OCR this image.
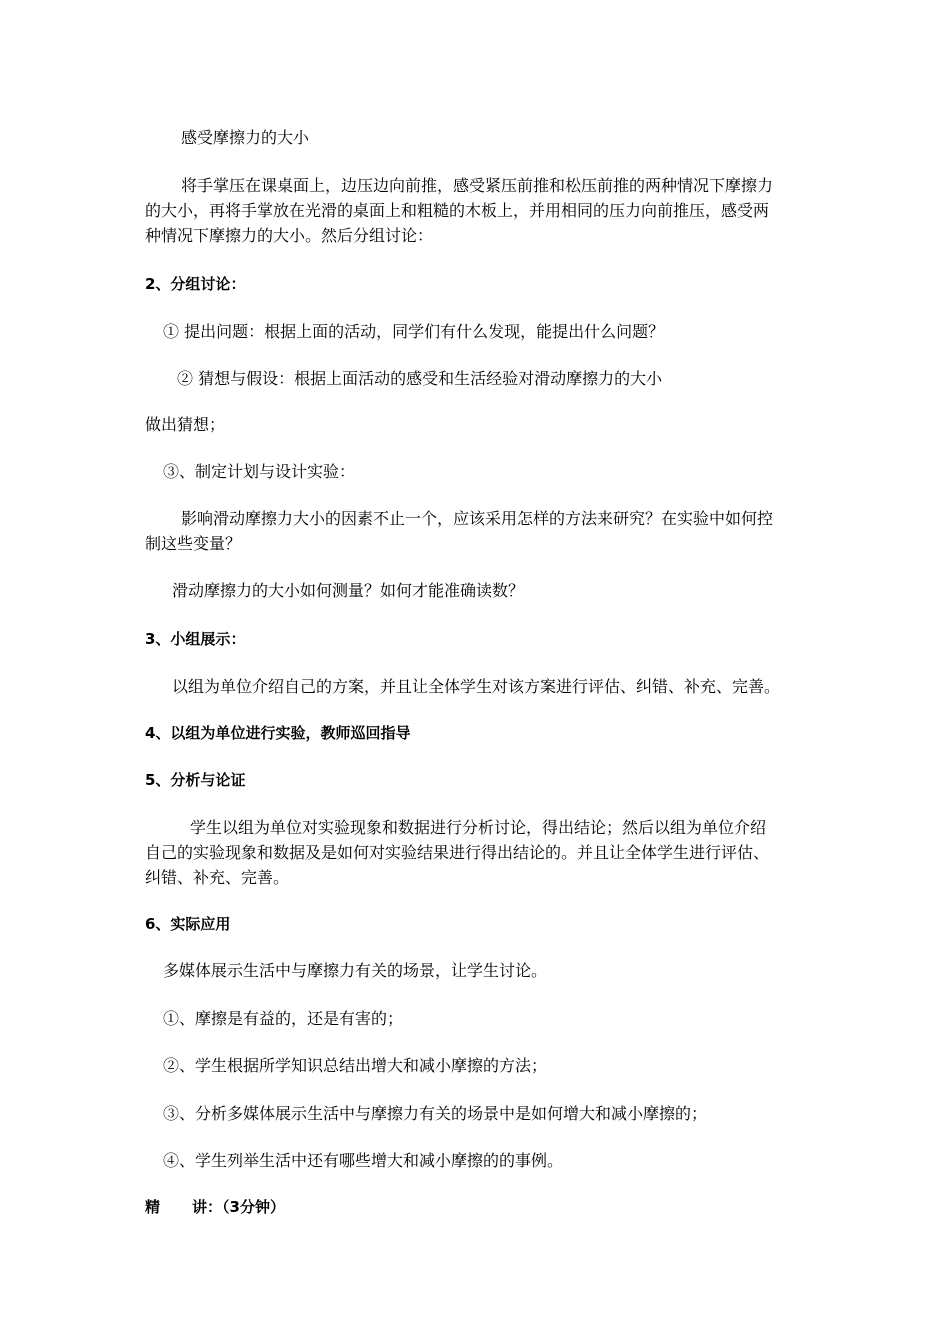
感受摩擦力的大小
将手掌压在课桌面上，边压边向前推，感受紧压前推和松压前推的两种情况下摩擦力
的大小，再将手掌放在光滑的桌面上和粗糙的木板上，并用相同的压力向前推压，感受两
种情况下摩擦力的大小。然后分组讨论：
2、分组讨论：
① 提出问题：根据上面的活动，同学们有什么发现，能提出什么问题？
② 猜想与假设：根据上面活动的感受和生活经验对滑动摩擦力的大小
做出猜想；
③、制定计划与设计实验：
影响滑动摩擦力大小的因素不止一个，应该采用怎样的方法来研究？在实验中如何控
制这些变量？
滑动摩擦力的大小如何测量？如何才能准确读数？
3、小组展示：
以组为单位介绍自己的方案，并且让全体学生对该方案进行评估、纠错、补充、完善。
4、以组为单位进行实验，教师巡回指导
5、分析与论证
学生以组为单位对实验现象和数据进行分析讨论，得出结论；然后以组为单位介绍
自己的实验现象和数据及是如何对实验结果进行得出结论的。并且让全体学生进行评估、
纠错、补充、完善。
6、实际应用
多媒体展示生活中与摩擦力有关的场景，让学生讨论。
①、摩擦是有益的，还是有害的；
②、学生根据所学知识总结出增大和减小摩擦的方法；
③、分析多媒体展示生活中与摩擦力有关的场景中是如何增大和减小摩擦的；
④、学生列举生活中还有哪些增大和减小摩擦的的事例。
精 讲：（3分钟）
